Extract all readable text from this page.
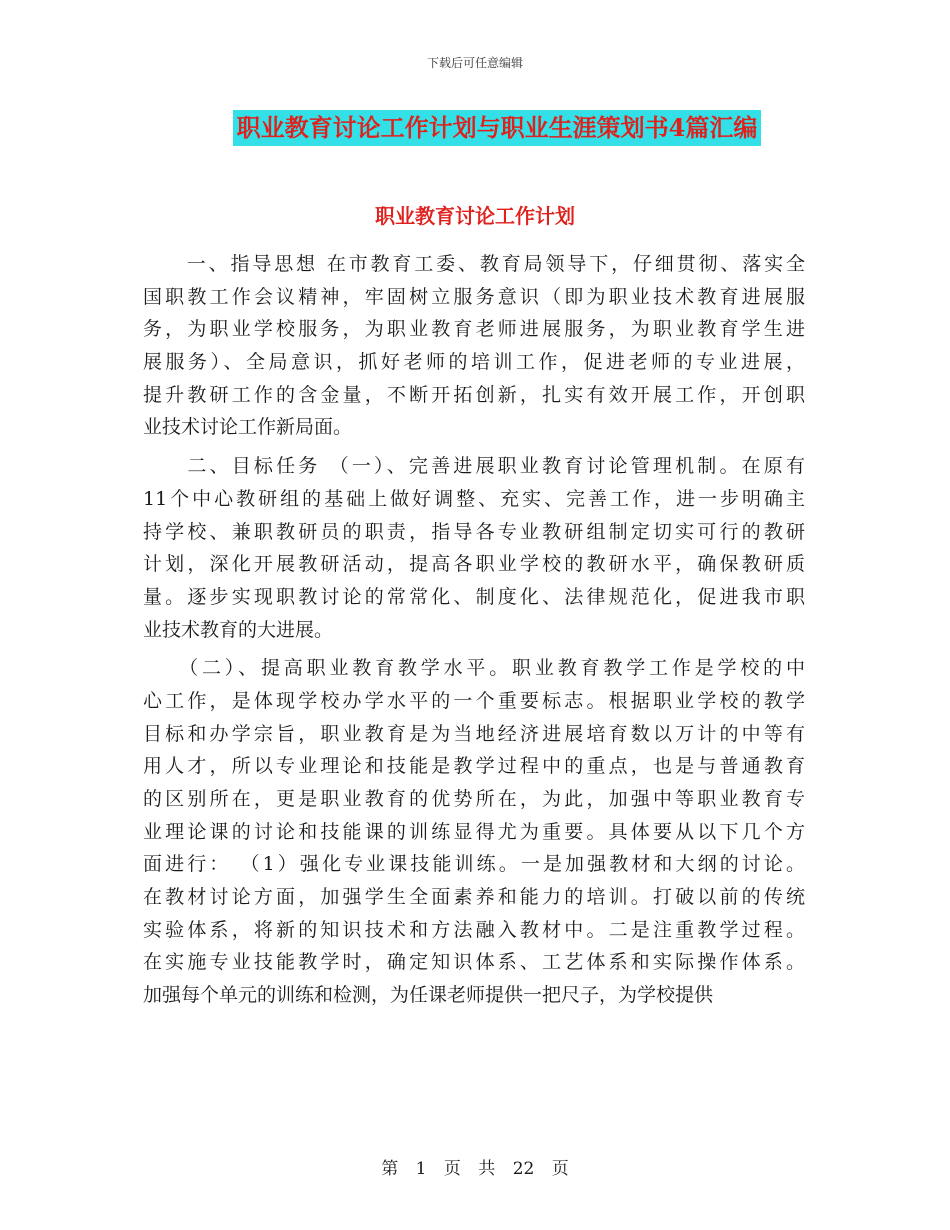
下载后可任意编辑
职业教育讨论工作计划与职业生涯策划书4篇汇编
职业教育讨论工作计划
　　一、指导思想 在市教育工委、教育局领导下，仔细贯彻、落实全
国职教工作会议精神，牢固树立服务意识（即为职业技术教育进展服
务，为职业学校服务，为职业教育老师进展服务，为职业教育学生进
展服务）、全局意识，抓好老师的培训工作，促进老师的专业进展，
提升教研工作的含金量，不断开拓创新，扎实有效开展工作，开创职
业技术讨论工作新局面。
　　二、目标任务 （一）、完善进展职业教育讨论管理机制。在原有
11个中心教研组的基础上做好调整、充实、完善工作，进一步明确主
持学校、兼职教研员的职责，指导各专业教研组制定切实可行的教研
计划，深化开展教研活动，提高各职业学校的教研水平，确保教研质
量。逐步实现职教讨论的常常化、制度化、法律规范化，促进我市职
业技术教育的大进展。
　　（二）、提高职业教育教学水平。职业教育教学工作是学校的中
心工作，是体现学校办学水平的一个重要标志。根据职业学校的教学
目标和办学宗旨，职业教育是为当地经济进展培育数以万计的中等有
用人才，所以专业理论和技能是教学过程中的重点，也是与普通教育
的区别所在，更是职业教育的优势所在，为此，加强中等职业教育专
业理论课的讨论和技能课的训练显得尤为重要。具体要从以下几个方
面进行： （1）强化专业课技能训练。一是加强教材和大纲的讨论。
在教材讨论方面，加强学生全面素养和能力的培训。打破以前的传统
实验体系，将新的知识技术和方法融入教材中。二是注重教学过程。
在实施专业技能教学时，确定知识体系、工艺体系和实际操作体系。
加强每个单元的训练和检测，为任课老师提供一把尺子，为学校提供
第 1 页 共 22 页
